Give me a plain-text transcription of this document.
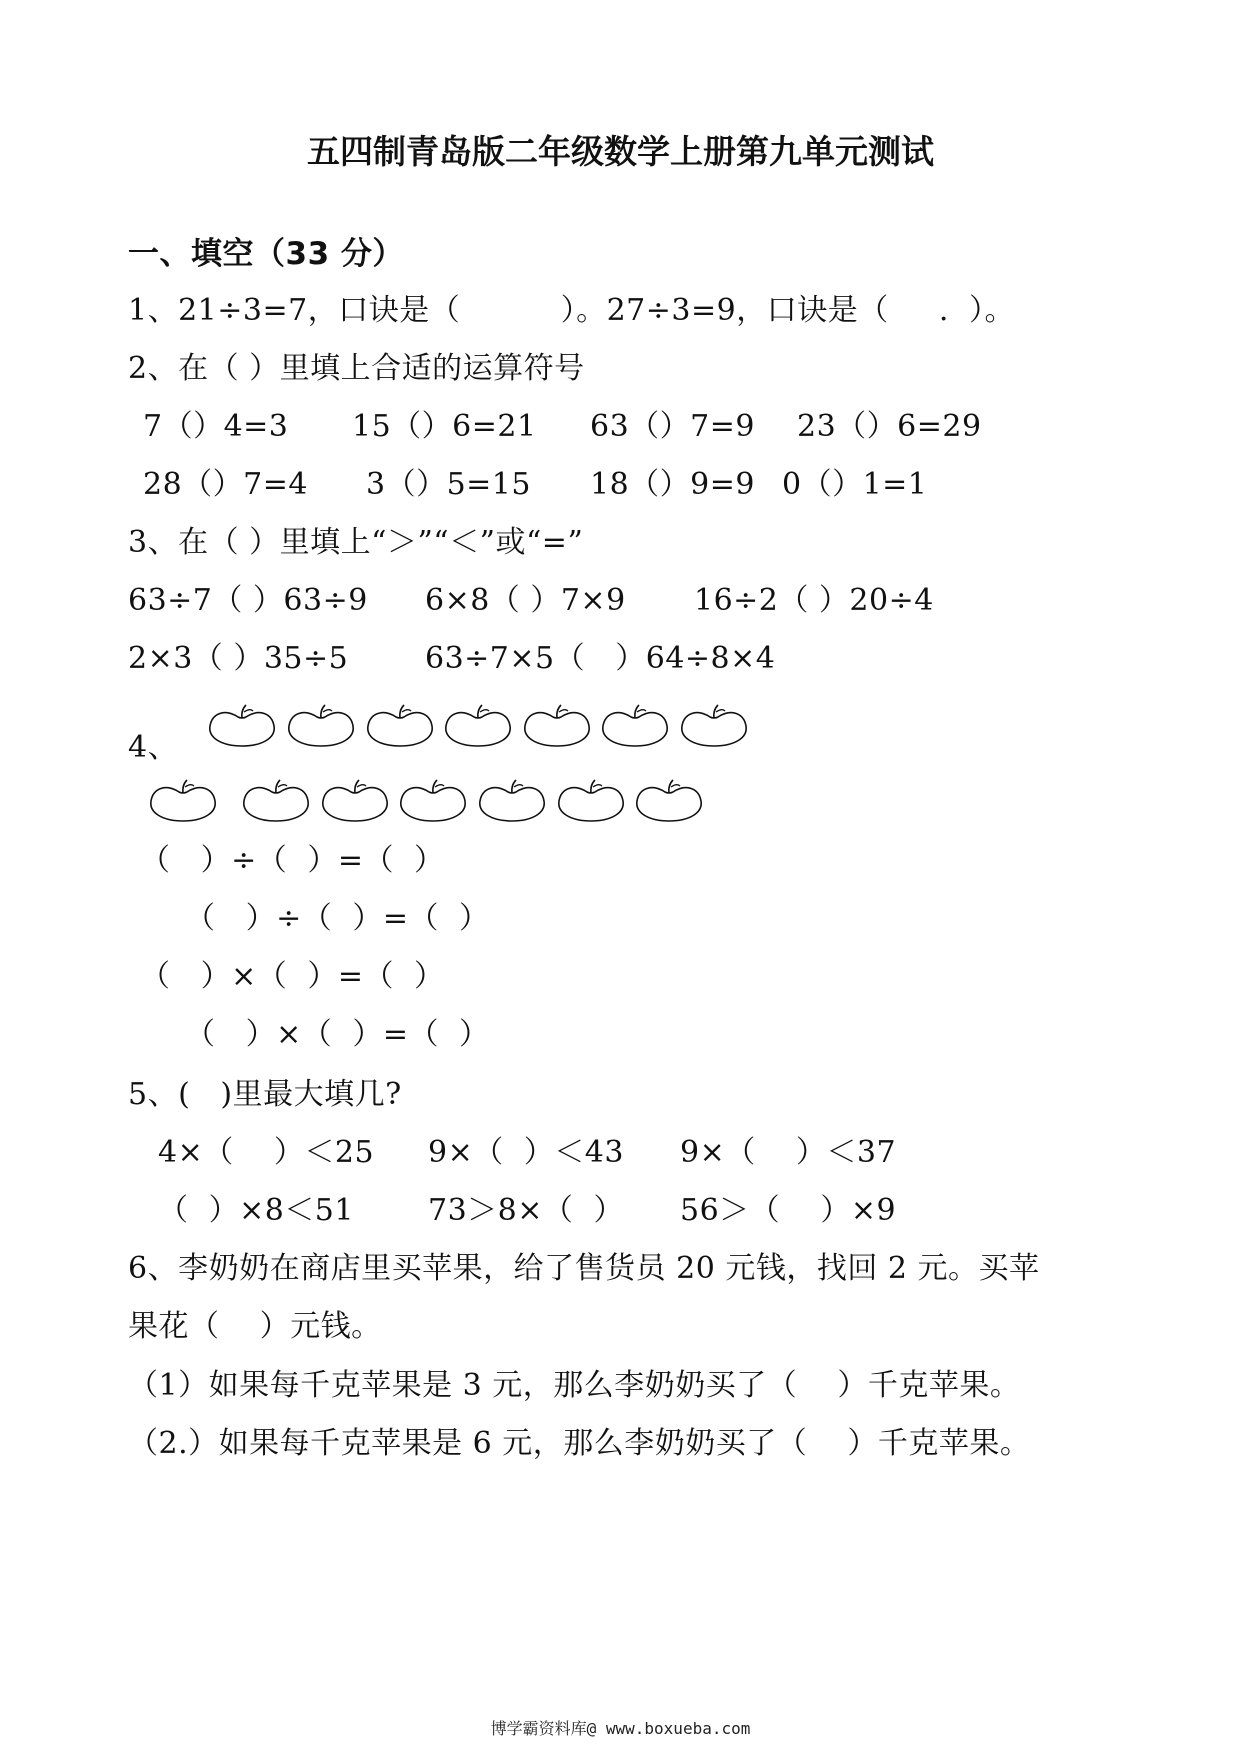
五四制青岛版二年级数学上册第九单元测试
一、填空（33 分）
1、21÷3=7，口诀是（          ）。27÷3=9，口诀是（     .  ）。
2、在（ ）里填上合适的运算符号
7（）4=3 15（）6=21 63（）7=9 23（）6=29
28（）7=4 3（）5=15 18（）9=9 0（）1=1
3、在（ ）里填上“＞”“＜”或“=”
63÷7（ ）63÷9 6×8（ ）7×9 16÷2（ ）20÷4
2×3（ ）35÷5	63÷7×5（   ）64÷8×4
4、
（   ）÷（  ）=（  ）
（   ）÷（  ）=（  ）
（   ）×（  ）=（  ）
（   ）×（  ）=（  ）
5、(   )里最大填几?
4×（    ）＜25 9×（  ）＜43 9×（    ）＜37
（  ）×8＜51 73＞8×（  ） 56＞（    ）×9
6、李奶奶在商店里买苹果，给了售货员 20 元钱，找回 2 元。买苹
果花（    ）元钱。
（1）如果每千克苹果是 3 元，那么李奶奶买了（    ）千克苹果。
（2.）如果每千克苹果是 6 元，那么李奶奶买了（    ）千克苹果。
博学霸资料库@ www.boxueba.com
